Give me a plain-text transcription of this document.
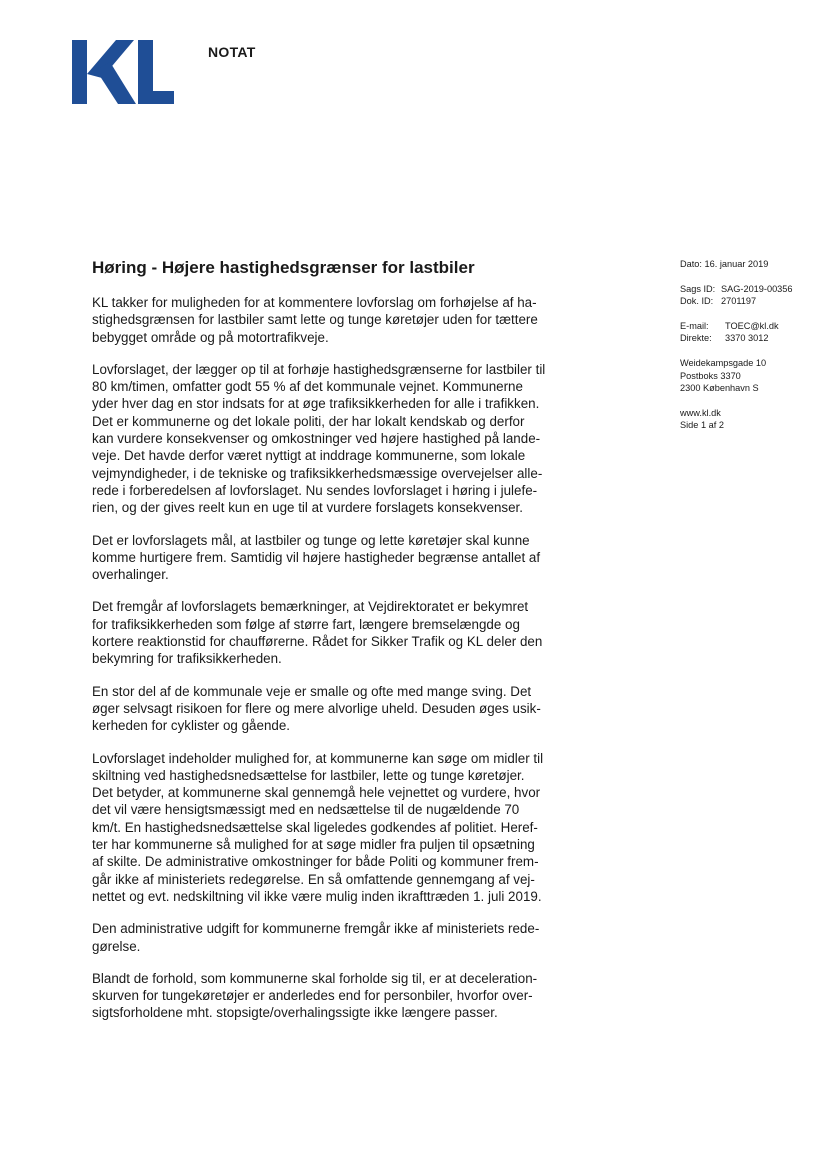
NOTAT
Høring - Højere hastighedsgrænser for lastbiler

KL takker for muligheden for at kommentere lovforslag om forhøjelse af ha-
stighedsgrænsen for lastbiler samt lette og tunge køretøjer uden for tættere
bebygget område og på motortrafikveje.

Lovforslaget, der lægger op til at forhøje hastighedsgrænserne for lastbiler til
80 km/timen, omfatter godt 55 % af det kommunale vejnet. Kommunerne
yder hver dag en stor indsats for at øge trafiksikkerheden for alle i trafikken.
Det er kommunerne og det lokale politi, der har lokalt kendskab og derfor
kan vurdere konsekvenser og omkostninger ved højere hastighed på lande-
veje. Det havde derfor været nyttigt at inddrage kommunerne, som lokale
vejmyndigheder, i de tekniske og trafiksikkerhedsmæssige overvejelser alle-
rede i forberedelsen af lovforslaget. Nu sendes lovforslaget i høring i julefe-
rien, og der gives reelt kun en uge til at vurdere forslagets konsekvenser.

Det er lovforslagets mål, at lastbiler og tunge og lette køretøjer skal kunne
komme hurtigere frem. Samtidig vil højere hastigheder begrænse antallet af
overhalinger.

Det fremgår af lovforslagets bemærkninger, at Vejdirektoratet er bekymret
for trafiksikkerheden som følge af større fart, længere bremselængde og
kortere reaktionstid for chaufførerne. Rådet for Sikker Trafik og KL deler den
bekymring for trafiksikkerheden.

En stor del af de kommunale veje er smalle og ofte med mange sving. Det
øger selvsagt risikoen for flere og mere alvorlige uheld. Desuden øges usik-
kerheden for cyklister og gående.

Lovforslaget indeholder mulighed for, at kommunerne kan søge om midler til
skiltning ved hastighedsnedsættelse for lastbiler, lette og tunge køretøjer.
Det betyder, at kommunerne skal gennemgå hele vejnettet og vurdere, hvor
det vil være hensigtsmæssigt med en nedsættelse til de nugældende 70
km/t. En hastighedsnedsættelse skal ligeledes godkendes af politiet. Heref-
ter har kommunerne så mulighed for at søge midler fra puljen til opsætning
af skilte. De administrative omkostninger for både Politi og kommuner frem-
går ikke af ministeriets redegørelse. En så omfattende gennemgang af vej-
nettet og evt. nedskiltning vil ikke være mulig inden ikrafttræden 1. juli 2019.

Den administrative udgift for kommunerne fremgår ikke af ministeriets rede-
gørelse.

Blandt de forhold, som kommunerne skal forholde sig til, er at deceleration-
skurven for tungekøretøjer er anderledes end for personbiler, hvorfor over-
sigtsforholdene mht. stopsigte/overhalingssigte ikke længere passer.

Dato: 16. januar 2019
Sags ID: SAG-2019-00356
Dok. ID: 2701197
E-mail: TOEC@kl.dk
Direkte: 3370 3012
Weidekampsgade 10
Postboks 3370
2300 København S
www.kl.dk
Side 1 af 2
